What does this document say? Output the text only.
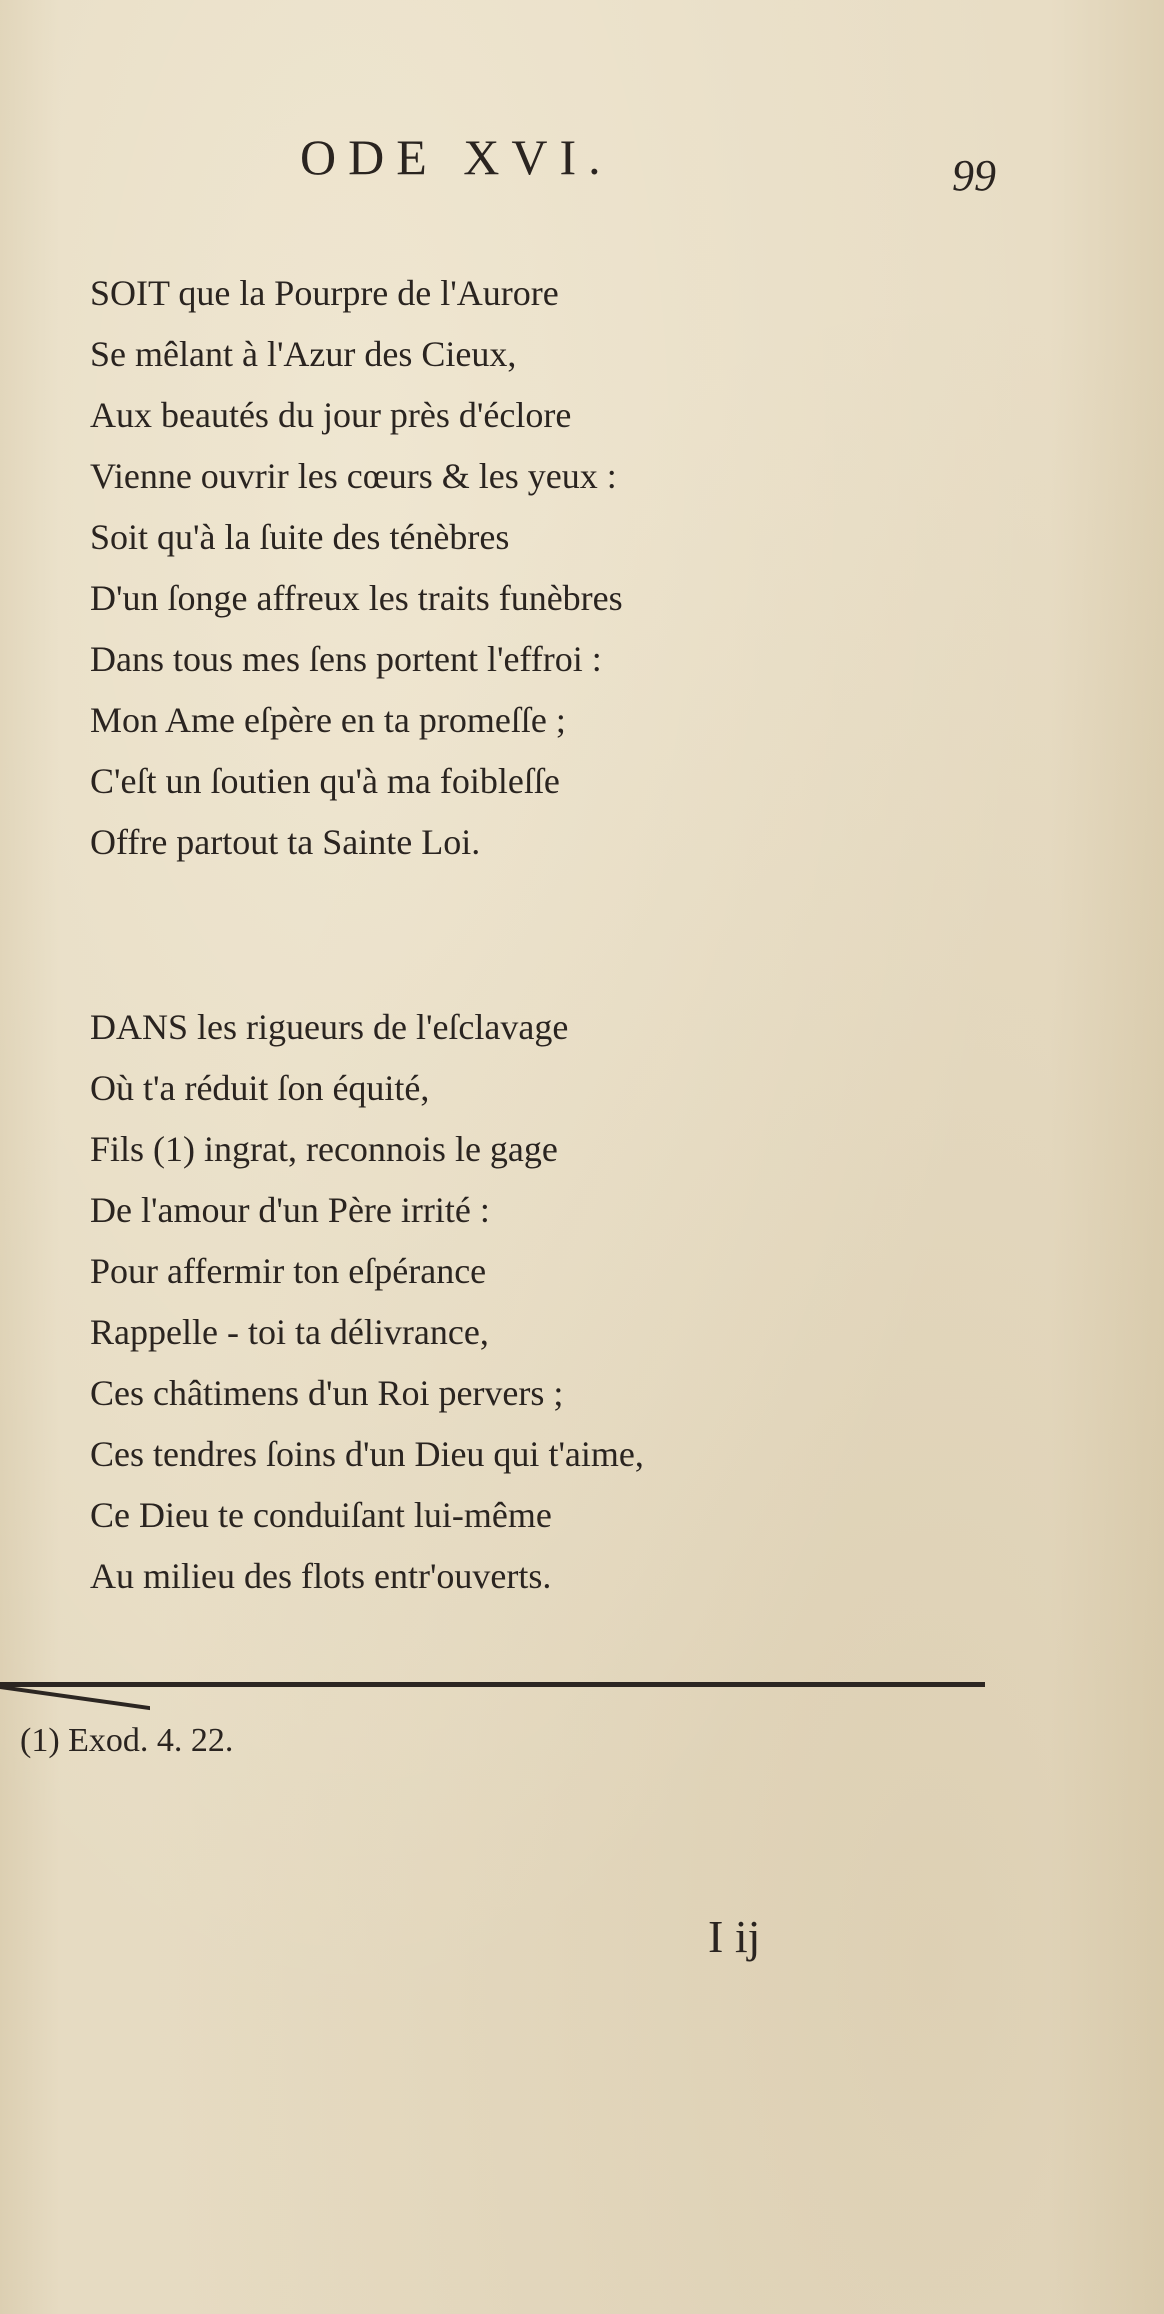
ODE XVI.	99
SOIT que la Pourpre de l'Aurore
Se mêlant à l'Azur des Cieux,
Aux beautés du jour près d'éclore
Vienne ouvrir les cœurs & les yeux :
Soit qu'à la ſuite des ténèbres
D'un ſonge affreux les traits funèbres
Dans tous mes ſens portent l'effroi :
Mon Ame eſpère en ta promeſſe ;
C'eſt un ſoutien qu'à ma foibleſſe
Offre partout ta Sainte Loi.
DANS les rigueurs de l'eſclavage
Où t'a réduit ſon équité,
Fils (1) ingrat, reconnois le gage
De l'amour d'un Père irrité :
Pour affermir ton eſpérance
Rappelle - toi ta délivrance,
Ces châtimens d'un Roi pervers ;
Ces tendres ſoins d'un Dieu qui t'aime,
Ce Dieu te conduiſant lui-même
Au milieu des flots entr'ouverts.
(1) Exod. 4. 22.
I ij
